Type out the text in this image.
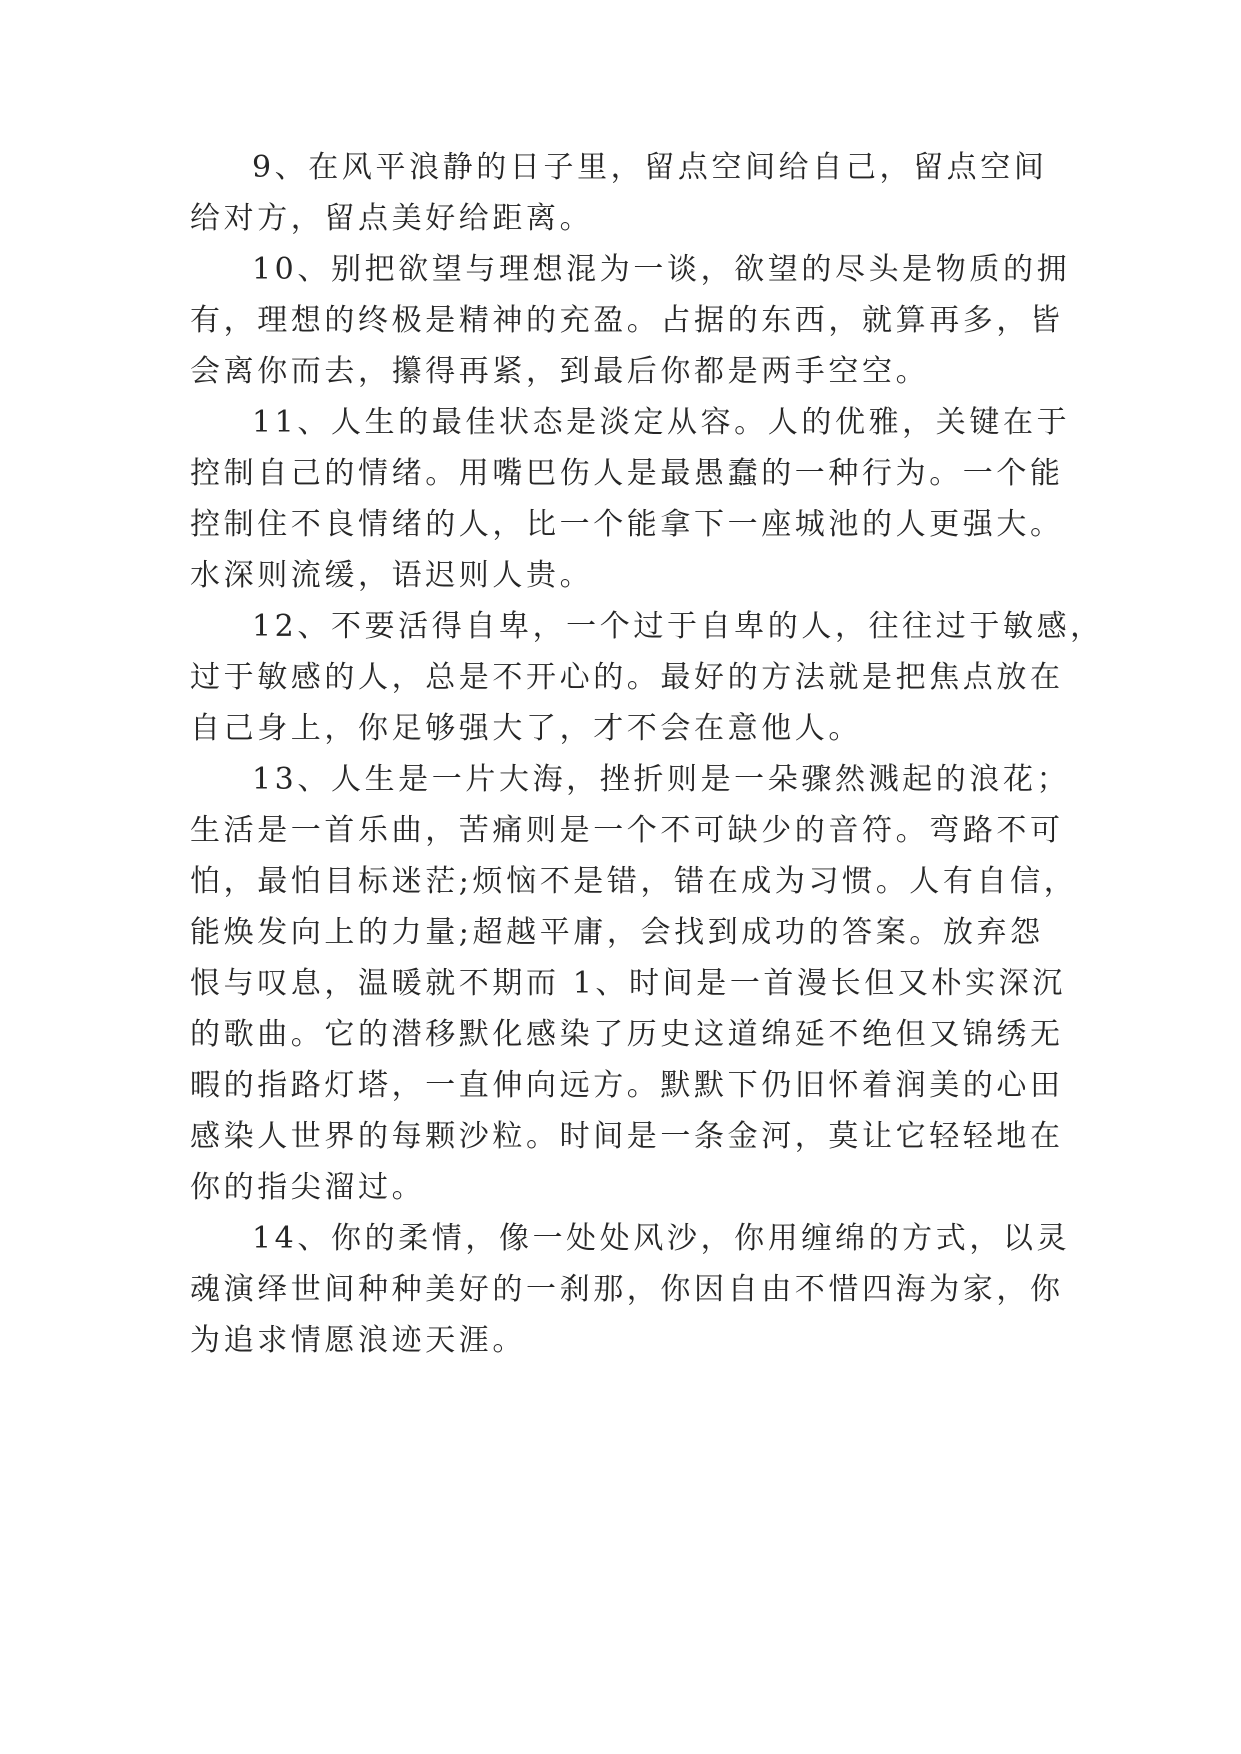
9、在风平浪静的日子里，留点空间给自己，留点空间

给对方，留点美好给距离。

10、别把欲望与理想混为一谈，欲望的尽头是物质的拥

有，理想的终极是精神的充盈。占据的东西，就算再多，皆

会离你而去，攥得再紧，到最后你都是两手空空。

11、人生的最佳状态是淡定从容。人的优雅，关键在于

控制自己的情绪。用嘴巴伤人是最愚蠢的一种行为。一个能

控制住不良情绪的人，比一个能拿下一座城池的人更强大。

水深则流缓，语迟则人贵。

12、不要活得自卑，一个过于自卑的人，往往过于敏感，

过于敏感的人，总是不开心的。最好的方法就是把焦点放在

自己身上，你足够强大了，才不会在意他人。

13、人生是一片大海，挫折则是一朵骤然溅起的浪花；

生活是一首乐曲，苦痛则是一个不可缺少的音符。弯路不可

怕，最怕目标迷茫;烦恼不是错，错在成为习惯。人有自信，

能焕发向上的力量;超越平庸，会找到成功的答案。放弃怨

恨与叹息，温暖就不期而 1、时间是一首漫长但又朴实深沉

的歌曲。它的潜移默化感染了历史这道绵延不绝但又锦绣无

暇的指路灯塔，一直伸向远方。默默下仍旧怀着润美的心田

感染人世界的每颗沙粒。时间是一条金河，莫让它轻轻地在

你的指尖溜过。

14、你的柔情，像一处处风沙，你用缠绵的方式，以灵

魂演绎世间种种美好的一刹那，你因自由不惜四海为家，你

为追求情愿浪迹天涯。
